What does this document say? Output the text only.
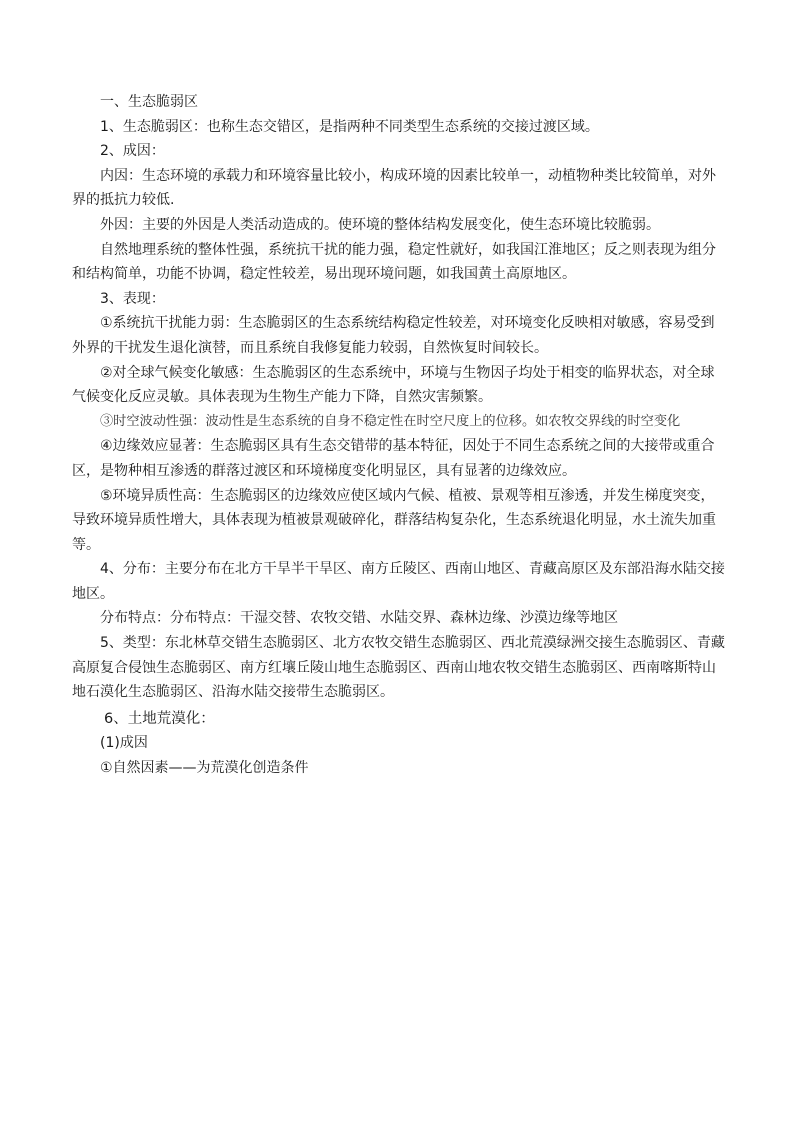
一、生态脆弱区

1、生态脆弱区：也称生态交错区，是指两种不同类型生态系统的交接过渡区域。

2、成因：

内因：生态环境的承载力和环境容量比较小，构成环境的因素比较单一，动植物种类比较简单，对外界的抵抗力较低.

外因：主要的外因是人类活动造成的。使环境的整体结构发展变化，使生态环境比较脆弱。

自然地理系统的整体性强，系统抗干扰的能力强，稳定性就好，如我国江淮地区；反之则表现为组分和结构简单，功能不协调，稳定性较差，易出现环境问题，如我国黄土高原地区。

3、表现：

①系统抗干扰能力弱：生态脆弱区的生态系统结构稳定性较差，对环境变化反映相对敏感，容易受到外界的干扰发生退化演替，而且系统自我修复能力较弱，自然恢复时间较长。

②对全球气候变化敏感：生态脆弱区的生态系统中，环境与生物因子均处于相变的临界状态，对全球气候变化反应灵敏。具体表现为生物生产能力下降，自然灾害频繁。

③时空波动性强：波动性是生态系统的自身不稳定性在时空尺度上的位移。如农牧交界线的时空变化

④边缘效应显著：生态脆弱区具有生态交错带的基本特征，因处于不同生态系统之间的大接带或重合区，是物种相互渗透的群落过渡区和环境梯度变化明显区，具有显著的边缘效应。

⑤环境异质性高：生态脆弱区的边缘效应使区域内气候、植被、景观等相互渗透，并发生梯度突变，导致环境异质性增大，具体表现为植被景观破碎化，群落结构复杂化，生态系统退化明显，水土流失加重等。

4、分布：主要分布在北方干旱半干旱区、南方丘陵区、西南山地区、青藏高原区及东部沿海水陆交接地区。

分布特点：分布特点：干湿交替、农牧交错、水陆交界、森林边缘、沙漠边缘等地区

5、类型：东北林草交错生态脆弱区、北方农牧交错生态脆弱区、西北荒漠绿洲交接生态脆弱区、青藏高原复合侵蚀生态脆弱区、南方红壤丘陵山地生态脆弱区、西南山地农牧交错生态脆弱区、西南喀斯特山地石漠化生态脆弱区、沿海水陆交接带生态脆弱区。

6、土地荒漠化：

(1)成因

①自然因素——为荒漠化创造条件
